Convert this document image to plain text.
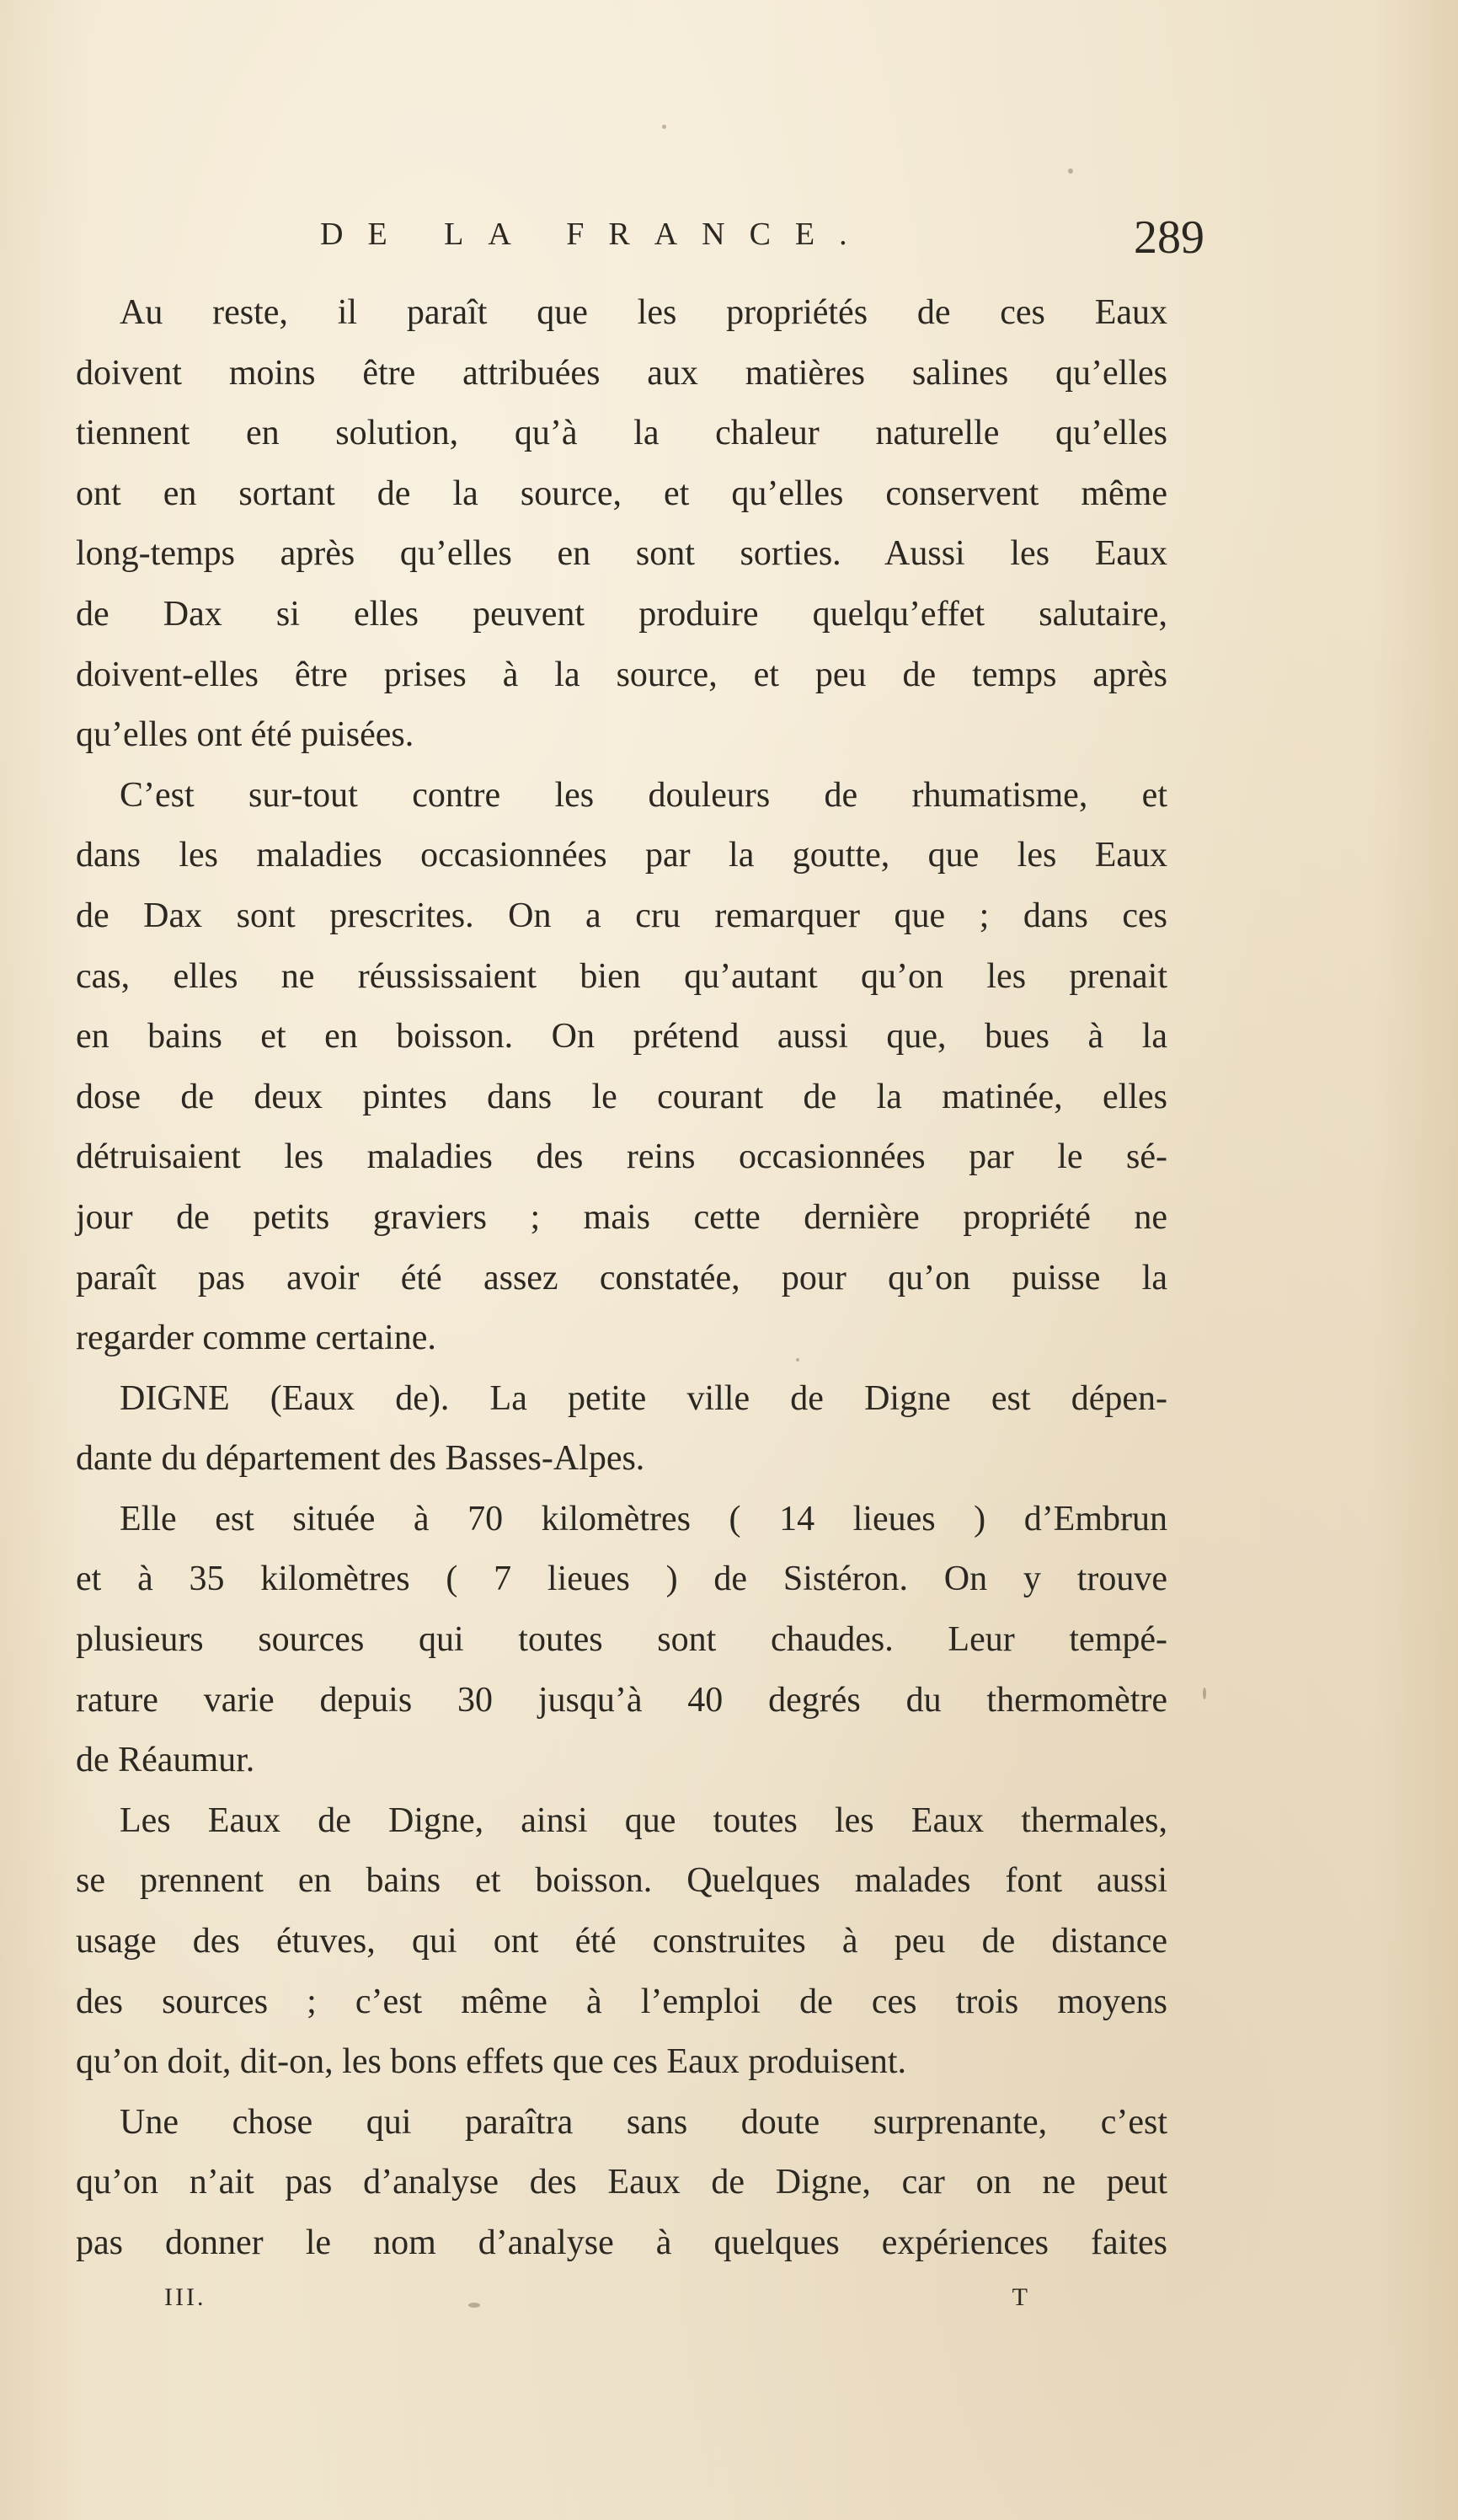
DE LA FRANCE.	289
Au reste, il paraît que les propriétés de ces Eaux
doivent moins être attribuées aux matières salines qu’elles
tiennent en solution, qu’à la chaleur naturelle qu’elles
ont en sortant de la source, et qu’elles conservent même
long-temps après qu’elles en sont sorties. Aussi les Eaux
de Dax si elles peuvent produire quelqu’effet salutaire,
doivent-elles être prises à la source, et peu de temps après
qu’elles ont été puisées.
C’est sur-tout contre les douleurs de rhumatisme, et
dans les maladies occasionnées par la goutte, que les Eaux
de Dax sont prescrites. On a cru remarquer que ; dans ces
cas, elles ne réussissaient bien qu’autant qu’on les prenait
en bains et en boisson. On prétend aussi que, bues à la
dose de deux pintes dans le courant de la matinée, elles
détruisaient les maladies des reins occasionnées par le sé-
jour de petits graviers ; mais cette dernière propriété ne
paraît pas avoir été assez constatée, pour qu’on puisse la
regarder comme certaine.
DIGNE (Eaux de). La petite ville de Digne est dépen-
dante du département des Basses-Alpes.
Elle est située à 70 kilomètres ( 14 lieues ) d’Embrun
et à 35 kilomètres ( 7 lieues ) de Sistéron. On y trouve
plusieurs sources qui toutes sont chaudes. Leur tempé-
rature varie depuis 30 jusqu’à 40 degrés du thermomètre
de Réaumur.
Les Eaux de Digne, ainsi que toutes les Eaux thermales,
se prennent en bains et boisson. Quelques malades font aussi
usage des étuves, qui ont été construites à peu de distance
des sources ; c’est même à l’emploi de ces trois moyens
qu’on doit, dit-on, les bons effets que ces Eaux produisent.
Une chose qui paraîtra sans doute surprenante, c’est
qu’on n’ait pas d’analyse des Eaux de Digne, car on ne peut
pas donner le nom d’analyse à quelques expériences faites
III.	T
